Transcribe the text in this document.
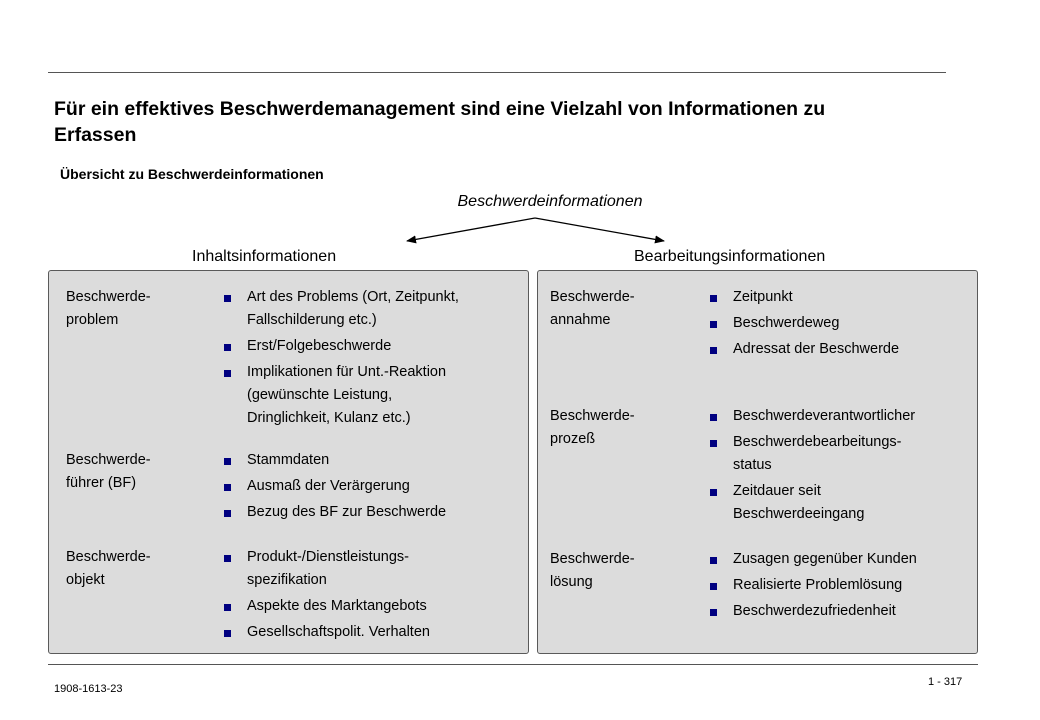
Für ein effektives Beschwerdemanagement sind eine Vielzahl von Informationen zu Erfassen
Übersicht zu Beschwerdeinformationen
Beschwerdeinformationen
Inhaltsinformationen	Bearbeitungsinformationen
Beschwerde-
problem
Art des Problems (Ort, Zeitpunkt,
Fallschilderung etc.)
Erst/Folgebeschwerde
Implikationen für Unt.-Reaktion
(gewünschte Leistung,
Dringlichkeit, Kulanz etc.)
Beschwerde-
führer (BF)
Stammdaten
Ausmaß der Verärgerung
Bezug des BF zur Beschwerde
Beschwerde-
objekt
Produkt-/Dienstleistungs-
spezifikation
Aspekte des Marktangebots
Gesellschaftspolit. Verhalten
Beschwerde-
annahme
Zeitpunkt
Beschwerdeweg
Adressat der Beschwerde
Beschwerde-
prozeß
Beschwerdeverantwortlicher
Beschwerdebearbeitungs-
status
Zeitdauer seit
Beschwerdeeingang
Beschwerde-
lösung
Zusagen gegenüber Kunden
Realisierte Problemlösung
Beschwerdezufriedenheit
1908-1613-23
1 - 317
